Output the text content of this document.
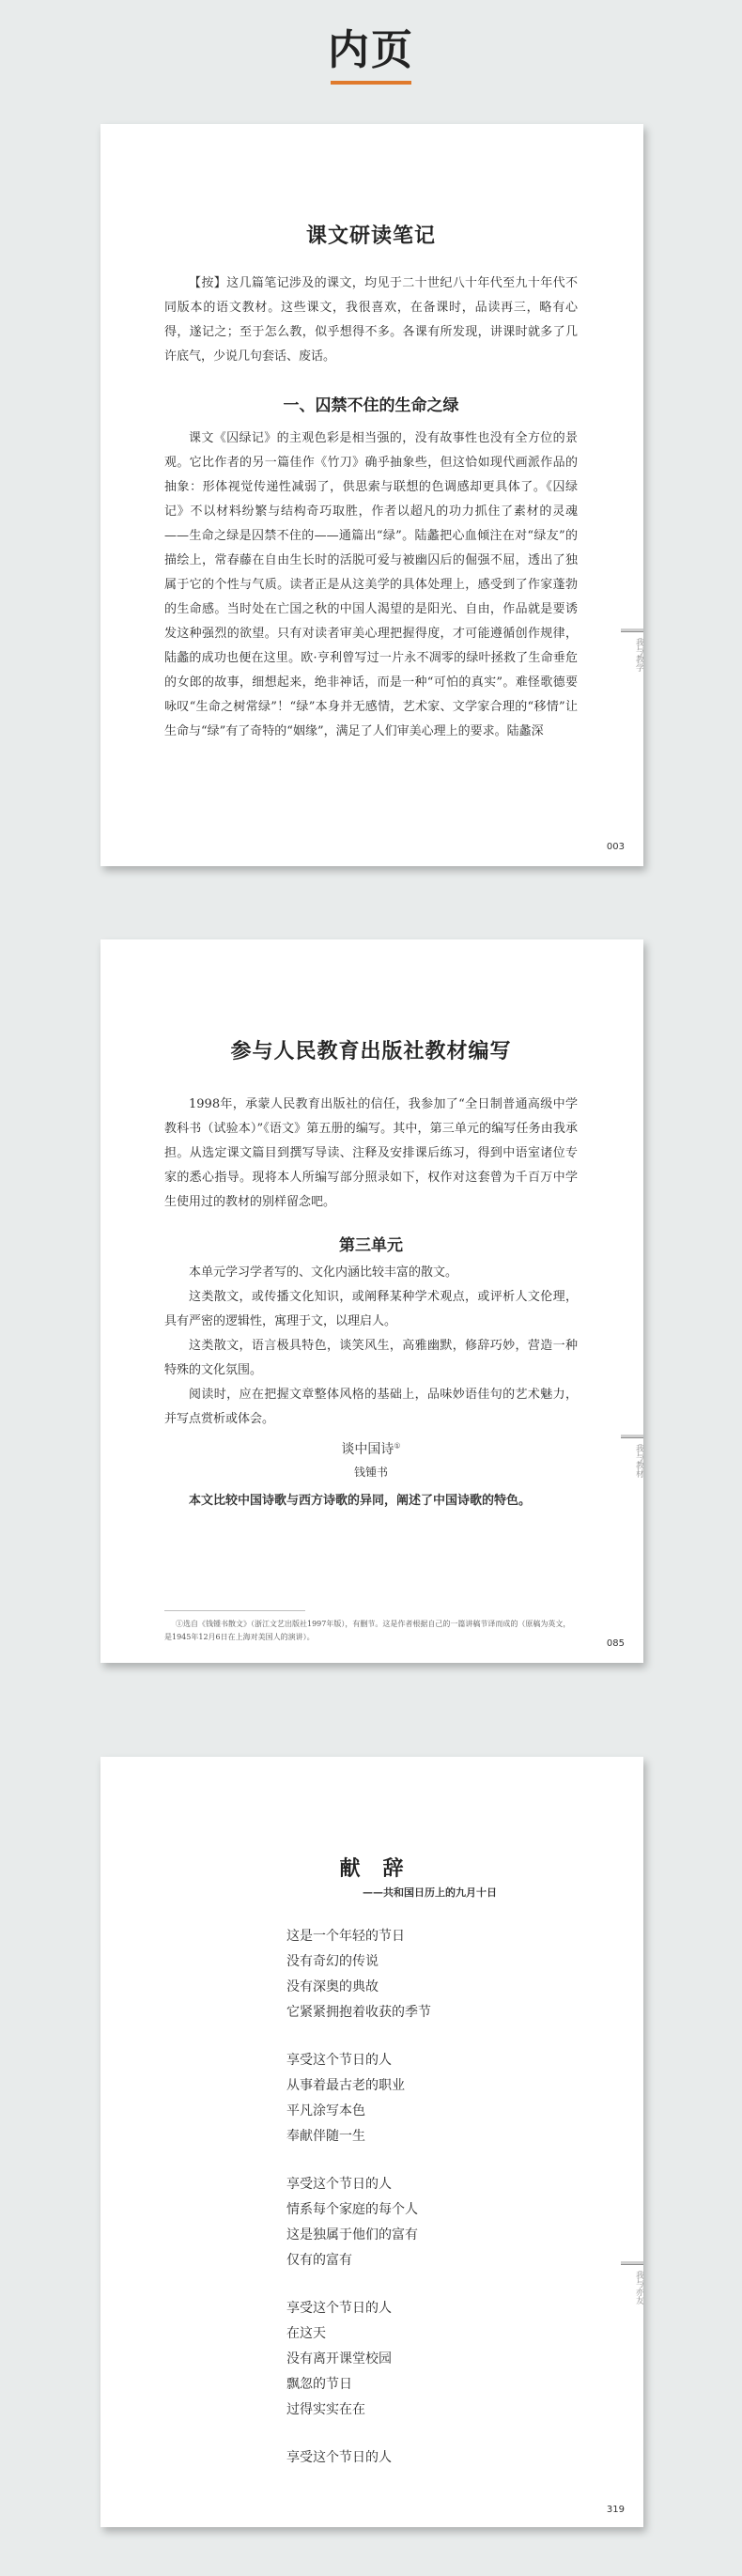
内页
课文研读笔记
【按】这几篇笔记涉及的课文，均见于二十世纪八十年代至九十年代不同版本的语文教材。这些课文，我很喜欢，在备课时，品读再三，略有心得，遂记之；至于怎么教，似乎想得不多。各课有所发现，讲课时就多了几许底气，少说几句套话、废话。
一、囚禁不住的生命之绿
课文《囚绿记》的主观色彩是相当强的，没有故事性也没有全方位的景观。它比作者的另一篇佳作《竹刀》确乎抽象些，但这恰如现代画派作品的抽象：形体视觉传递性减弱了，供思索与联想的色调感却更具体了。《囚绿记》不以材料纷繁与结构奇巧取胜，作者以超凡的功力抓住了素材的灵魂——生命之绿是囚禁不住的——通篇出“绿”。陆蠡把心血倾注在对“绿友”的描绘上，常春藤在自由生长时的活脱可爱与被幽囚后的倔强不屈，透出了独属于它的个性与气质。读者正是从这美学的具体处理上，感受到了作家蓬勃的生命感。当时处在亡国之秋的中国人渴望的是阳光、自由，作品就是要诱发这种强烈的欲望。只有对读者审美心理把握得度，才可能遵循创作规律，陆蠡的成功也便在这里。欧·亨利曾写过一片永不凋零的绿叶拯救了生命垂危的女郎的故事，细想起来，绝非神话，而是一种“可怕的真实”。难怪歌德要咏叹“生命之树常绿”！“绿”本身并无感情，艺术家、文学家合理的“移情”让生命与“绿”有了奇特的“姻缘”，满足了人们审美心理上的要求。陆蠡深
我与教学
003
参与人民教育出版社教材编写
1998年，承蒙人民教育出版社的信任，我参加了“全日制普通高级中学教科书（试验本）”《语文》第五册的编写。其中，第三单元的编写任务由我承担。从选定课文篇目到撰写导读、注释及安排课后练习，得到中语室诸位专家的悉心指导。现将本人所编写部分照录如下，权作对这套曾为千百万中学生使用过的教材的别样留念吧。
第三单元
本单元学习学者写的、文化内涵比较丰富的散文。
这类散文，或传播文化知识，或阐释某种学术观点，或评析人文伦理，具有严密的逻辑性，寓理于文，以理启人。
这类散文，语言极具特色，谈笑风生，高雅幽默，修辞巧妙，营造一种特殊的文化氛围。
阅读时，应在把握文章整体风格的基础上，品味妙语佳句的艺术魅力，并写点赏析或体会。
谈中国诗①
钱锺书
本文比较中国诗歌与西方诗歌的异同，阐述了中国诗歌的特色。
①选自《钱锺书散文》（浙江文艺出版社1997年版），有删节。这是作者根据自己的一篇讲稿节译而成的（原稿为英文，是1945年12月6日在上海对美国人的演讲）。
我与教材
085
献　辞
——共和国日历上的九月十日
这是一个年轻的节日
没有奇幻的传说
没有深奥的典故
它紧紧拥抱着收获的季节
享受这个节日的人
从事着最古老的职业
平凡涂写本色
奉献伴随一生
享受这个节日的人
情系每个家庭的每个人
这是独属于他们的富有
仅有的富有
享受这个节日的人
在这天
没有离开课堂校园
飘忽的节日
过得实实在在
享受这个节日的人
我与亦友
319
